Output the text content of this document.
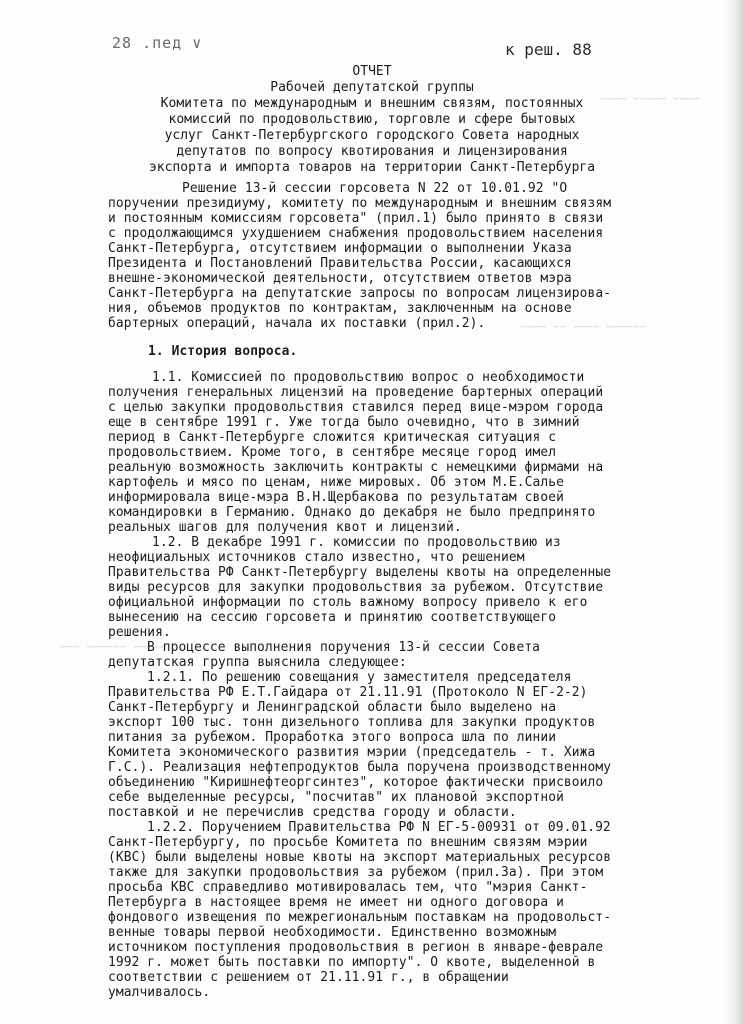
~~~~ ~~~~~ ~~~~
~~~~~~ ~~~~ ~~ ~~~~
~~~~~ ~~~~~~ ~~~
28 .пед ∨	к реш. 88
ОТЧЕТ
Рабочей депутатской группы
Комитета по международным и внешним связям, постоянных
комиссий по продовольствию, торговле и сфере бытовых
услуг Санкт-Петербургского городского Совета народных
депутатов по вопросу квотирования и лицензирования
экспорта и импорта товаров на территории Санкт-Петербурга
Решение 13-й сессии горсовета N 22 от 10.01.92 "О
поручении президиуму, комитету по международным и внешним связям
и постоянным комиссиям горсовета" (прил.1) было принято в связи
с продолжающимся ухудшением снабжения продовольствием населения
Санкт-Петербурга, отсутствием информации о выполнении Указа
Президента и Постановлений Правительства России, касающихся
внешне-экономической деятельности, отсутствием ответов мэра
Санкт-Петербурга на депутатские запросы по вопросам лицензирова-
ния, объемов продуктов по контрактам, заключенным на основе
бартерных операций, начала их поставки (прил.2).
1. История вопроса.
1.1. Комиссией по продовольствию вопрос о необходимости
получения генеральных лицензий на проведение бартерных операций
с целью закупки продовольствия ставился перед вице-мэром города
еще в сентябре 1991 г. Уже тогда было очевидно, что в зимний
период в Санкт-Петербурге сложится критическая ситуация с
продовольствием. Кроме того, в сентябре месяце город имел
реальную возможность заключить контракты с немецкими фирмами на
картофель и мясо по ценам, ниже мировых. Об этом М.Е.Салье
информировала вице-мэра В.Н.Щербакова по результатам своей
командировки в Германию. Однако до декабря не было предпринято
реальных шагов для получения квот и лицензий.
1.2. В декабре 1991 г. комиссии по продовольствию из
неофициальных источников стало известно, что решением
Правительства РФ Санкт-Петербургу выделены квоты на определенные
виды ресурсов для закупки продовольствия за рубежом. Отсутствие
официальной информации по столь важному вопросу привело к его
вынесению на сессию горсовета и принятию соответствующего
решения.
В процессе выполнения поручения 13-й сессии Совета
депутатская группа выяснила следующее:
1.2.1. По решению совещания у заместителя председателя
Правительства РФ Е.Т.Гайдара от 21.11.91 (Протоколо N ЕГ-2-2)
Санкт-Петербургу и Ленинградской области было выделено на
экспорт 100 тыс. тонн дизельного топлива для закупки продуктов
питания за рубежом. Проработка этого вопроса шла по линии
Комитета экономического развития мэрии (председатель - т. Хижа
Г.С.). Реализация нефтепродуктов была поручена производственному
объединению "Киришнефтеоргсинтез", которое фактически присвоило
себе выделенные ресурсы, "посчитав" их плановой экспортной
поставкой и не перечислив средства городу и области.
1.2.2. Поручением Правительства РФ N ЕГ-5-00931 от 09.01.92
Санкт-Петербургу, по просьбе Комитета по внешним связям мэрии
(КВС) были выделены новые квоты на экспорт материальных ресурсов
также для закупки продовольствия за рубежом (прил.3а). При этом
просьба КВС справедливо мотивировалась тем, что "мэрия Санкт-
Петербурга в настоящее время не имеет ни одного договора и
фондового извещения по межрегиональным поставкам на продовольст-
венные товары первой необходимости. Единственно возможным
источником поступления продовольствия в регион в январе-феврале
1992 г. может быть поставки по импорту". О квоте, выделенной в
соответствии с решением от 21.11.91 г., в обращении
умалчивалось.
